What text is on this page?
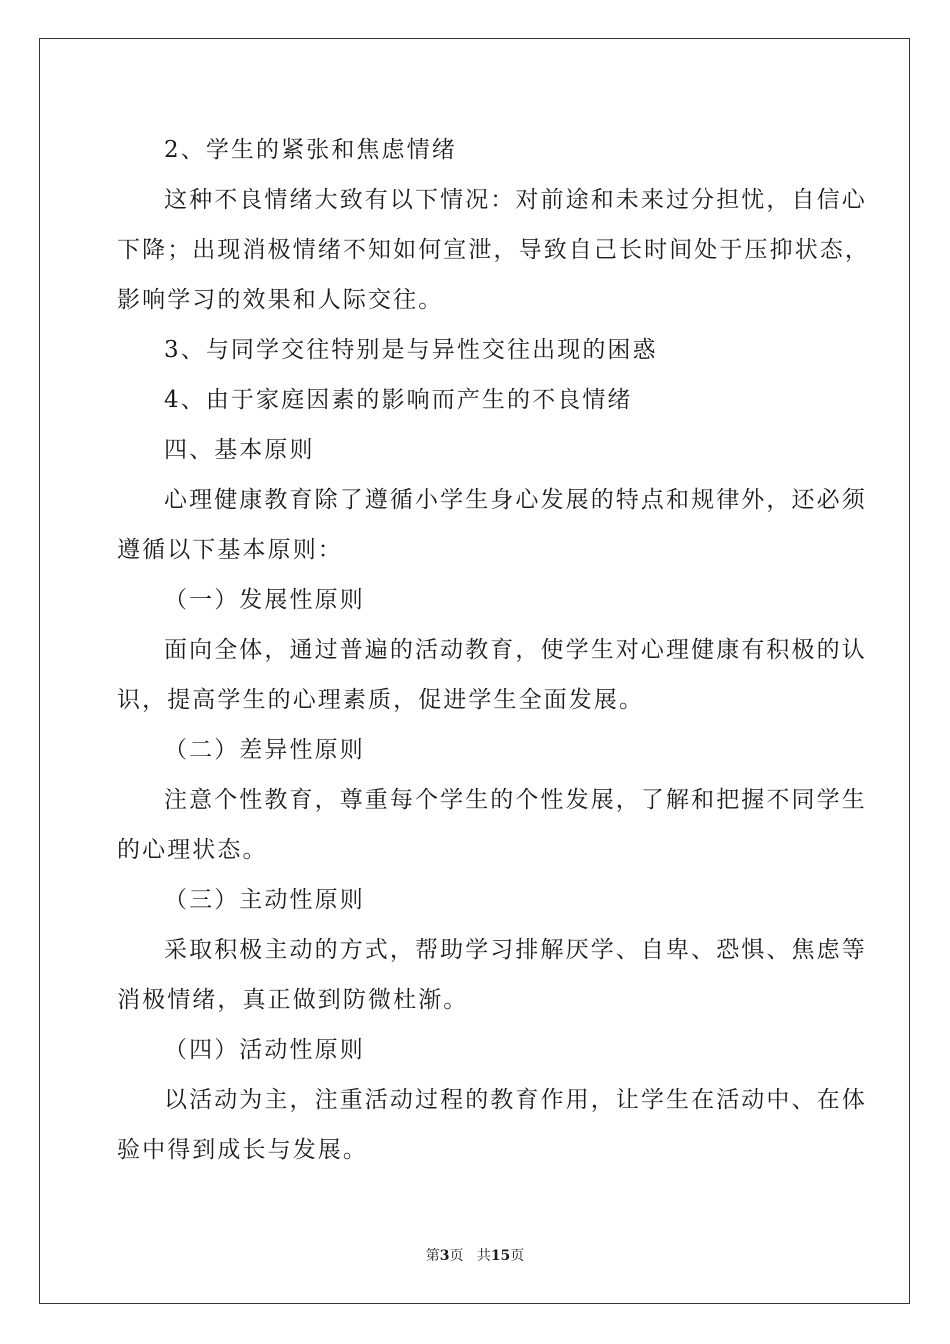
2、学生的紧张和焦虑情绪
这种不良情绪大致有以下情况：对前途和未来过分担忧，自信心
下降；出现消极情绪不知如何宣泄，导致自己长时间处于压抑状态，
影响学习的效果和人际交往。
3、与同学交往特别是与异性交往出现的困惑
4、由于家庭因素的影响而产生的不良情绪
四、基本原则
心理健康教育除了遵循小学生身心发展的特点和规律外，还必须
遵循以下基本原则：
（一）发展性原则
面向全体，通过普遍的活动教育，使学生对心理健康有积极的认
识，提高学生的心理素质，促进学生全面发展。
（二）差异性原则
注意个性教育，尊重每个学生的个性发展，了解和把握不同学生
的心理状态。
（三）主动性原则
采取积极主动的方式，帮助学习排解厌学、自卑、恐惧、焦虑等
消极情绪，真正做到防微杜渐。
（四）活动性原则
以活动为主，注重活动过程的教育作用，让学生在活动中、在体
验中得到成长与发展。
第3页 共15页
